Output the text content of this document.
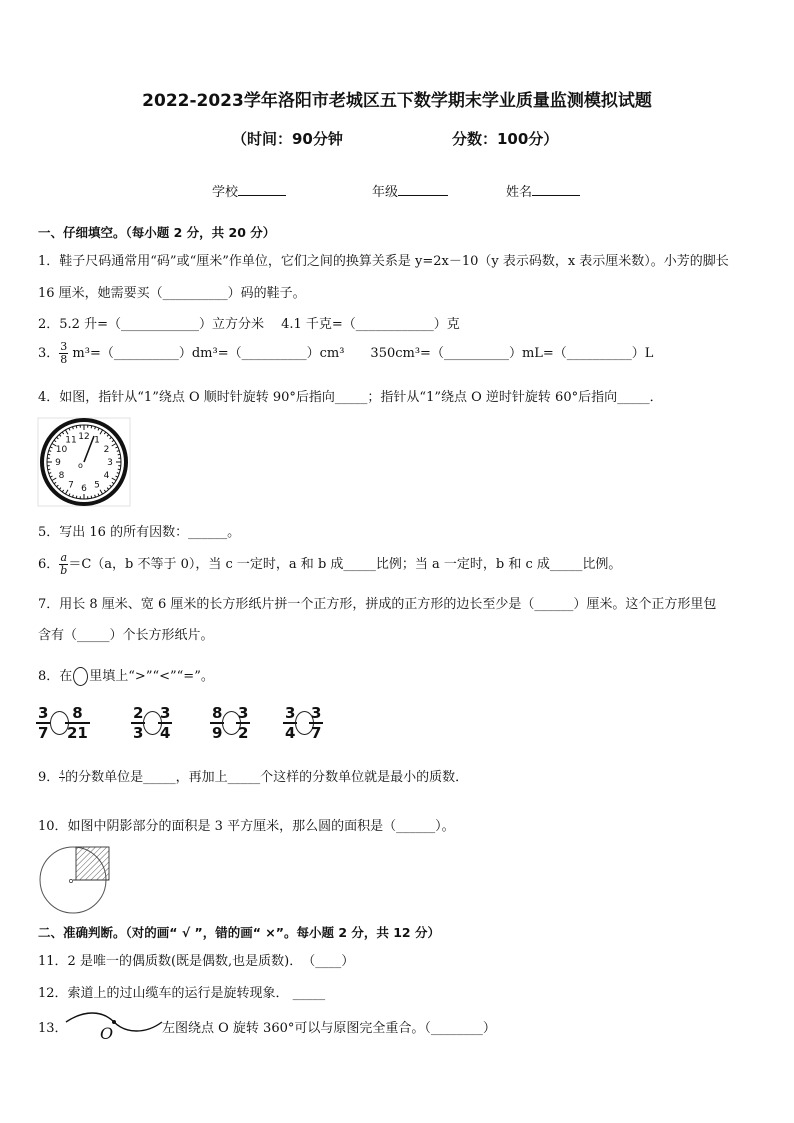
2022-2023学年洛阳市老城区五下数学期末学业质量监测模拟试题
（时间：90分钟	分数：100分）
学校	年级	姓名
一、仔细填空。（每小题 2 分，共 20 分）
1．鞋子尺码通常用“码”或“厘米”作单位，它们之间的换算关系是 y=2x－10（y 表示码数，x 表示厘米数）。小芳的脚长
16 厘米，她需要买（__________）码的鞋子。
2．5.2 升=（____________）立方分米　 4.1 千克=（____________）克
3． $\frac{3}{8}$ m³=（__________）dm³=（__________）cm³　　350cm³=（__________）mL=（__________）L
4．如图，指针从“1”绕点 O 顺时针旋转 90°后指向_____；指针从“1”绕点 O 逆时针旋转 60°后指向_____．
12 1
2
3
4
5
6
7
8
9
10
11
o
5．写出 16 的所有因数：______。
6． $\frac{a}{b} =C(a$，b 不等于 0），当 c 一定时，a 和 b 成_____比例；当 a 一定时，b 和 c 成_____比例。
7．用长 8 厘米、宽 6 厘米的长方形纸片拼一个正方形，拼成的正方形的边长至少是（______）厘米。这个正方形里包
含有（_____）个长方形纸片。
8．在 里填上“>”“<”“=”。
3
7
8
21
2
3
3
4
8
9
3
2
3
4
3
7
9． $\frac{4}{7}$ 的分数单位是_____，再加上_____个这样的分数单位就是最小的质数．
10．如图中阴影部分的面积是 3 平方厘米，那么圆的面积是（______）。
二、准确判断。（对的画“ √ ”，错的画“ ×”。每小题 2 分，共 12 分）
11．2 是唯一的偶质数(既是偶数,也是质数)．　（____）
12．索道上的过山缆车的运行是旋转现象． _____
13． O	左图绕点 O 旋转 360°可以与原图完全重合。（________）
